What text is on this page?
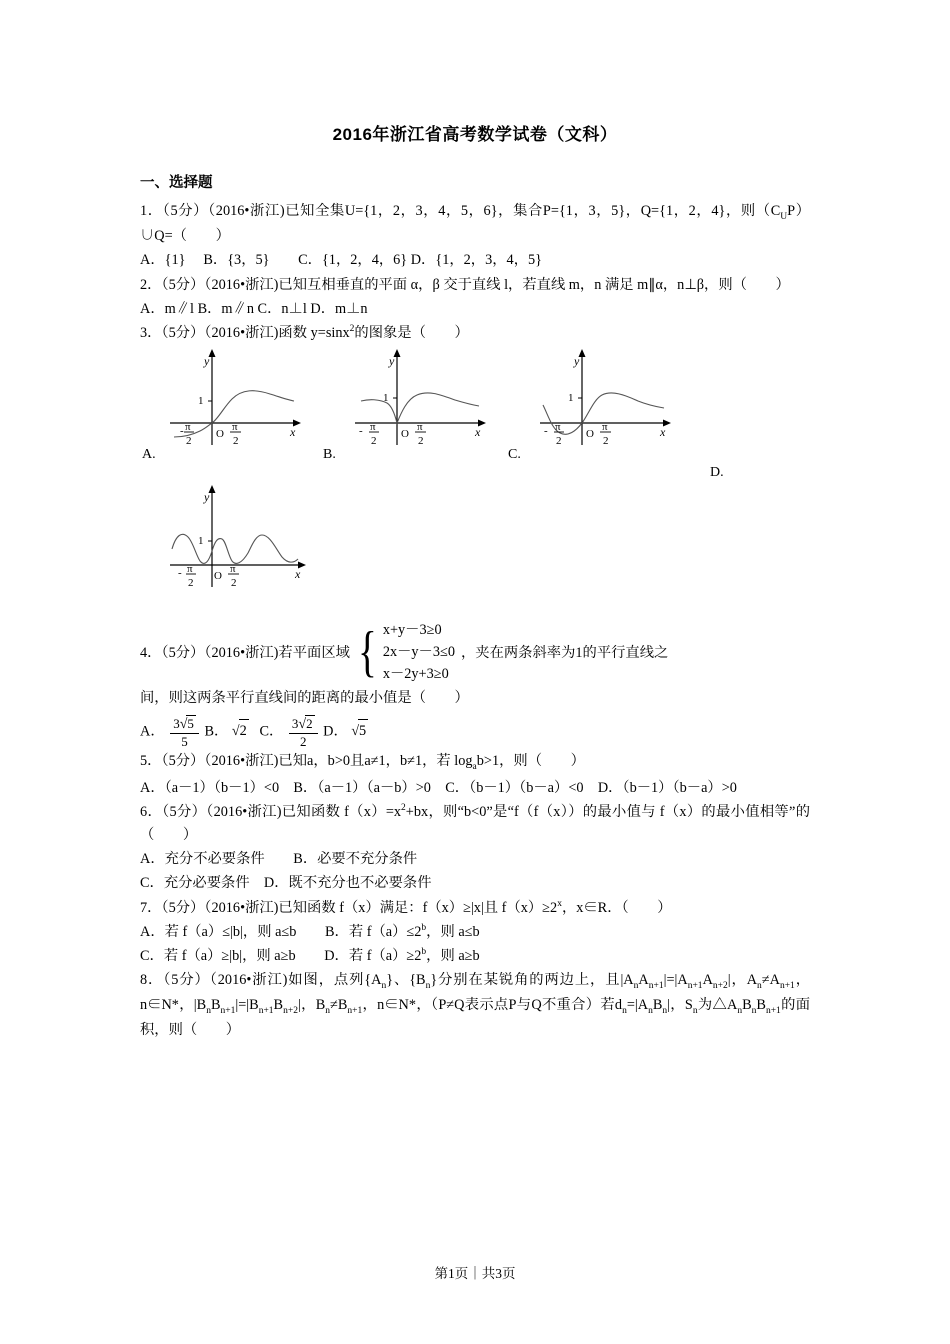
2016年浙江省高考数学试卷（文科）
一、选择题

1．（5分）（2016•浙江)已知全集U={1，2，3，4，5，6}，集合P={1，3，5}，Q={1，2，4}，则$(C_UP)\cup Q=$（　　）

A．{1}　 B．{3，5}　　C．{1，2，4，6} D．{1，2，3，4，5}

2．（5分）（2016•浙江)已知互相垂直的平面 α，β 交于直线 l，若直线 m，n 满足 m∥α，n⊥β，则（　　）

A．m∥l B．m∥n C．n⊥l D．m⊥n

3．（5分）（2016•浙江)函数 y=sinx$^2$的图象是（　　）

1
y
x
O
- π
2
π
2
A.
1
y
x
O
- π
2
π
2
B.
1
y
x
O
- π
2
π
2
C.
D.
1
y
x
O
- π
2
π
2
4．（5分）（2016•浙江)若平面区域 { x+y－3≥0
2x－y－3≤0
x－2y+3≥0
，夹在两条斜率为1的平行直线之

间，则这两条平行直线间的距离的最小值是（　　）

A． $\frac{3√5}{5}$ B． √2 C． $\frac{3√2}{2}$ D． √5

5．（5分）（2016•浙江)已知a，b>0且a≠1，b≠1，若 $\log_ab>1$，则（　　）

A．（a－1）（b－1）<0　B．（a－1）（a－b）>0　C．（b－1）（b－a）<0　D．（b－1）（b－a）>0

6．（5分）（2016•浙江)已知函数 $f(x)=x^2+bx$，则“b<0”是“f（f（x））的最小值与 f（x）的最小值相等”的（　　）

A．充分不必要条件　　B．必要不充分条件

C．充分必要条件　D．既不充分也不必要条件

7．（5分）（2016•浙江)已知函数 f（x）满足：f（x）≥|x|且 $f(x)\ge 2^x$，x∈R．（　　）

A．若 f（a）≤|b|，则 a≤b　　B．若 $f(a)\le 2^b$，则 a≤b

C．若 f（a）≥|b|，则 a≥b　　D．若 $f(a)\ge 2^b$，则 a≥b

8．（5分）（2016•浙江)如图，点列$\{A_n\}$、$\{B_n\}$分别在某锐角的两边上，且$|A_nA_{n+1}|=|A_{n+1}A_{n+2}|$，$A_n\ne A_{n+1}$，n∈N*，$|B_nB_{n+1}|=|B_{n+1}B_{n+2}|$，$B_n\ne B_{n+1}$，n∈N*，（P≠Q表示点P与Q不重合）若$d_n=|A_nB_n|$，$S_n$为$\triangle A_nB_nB_{n+1}$的面积，则（　　）

第1页｜共3页
